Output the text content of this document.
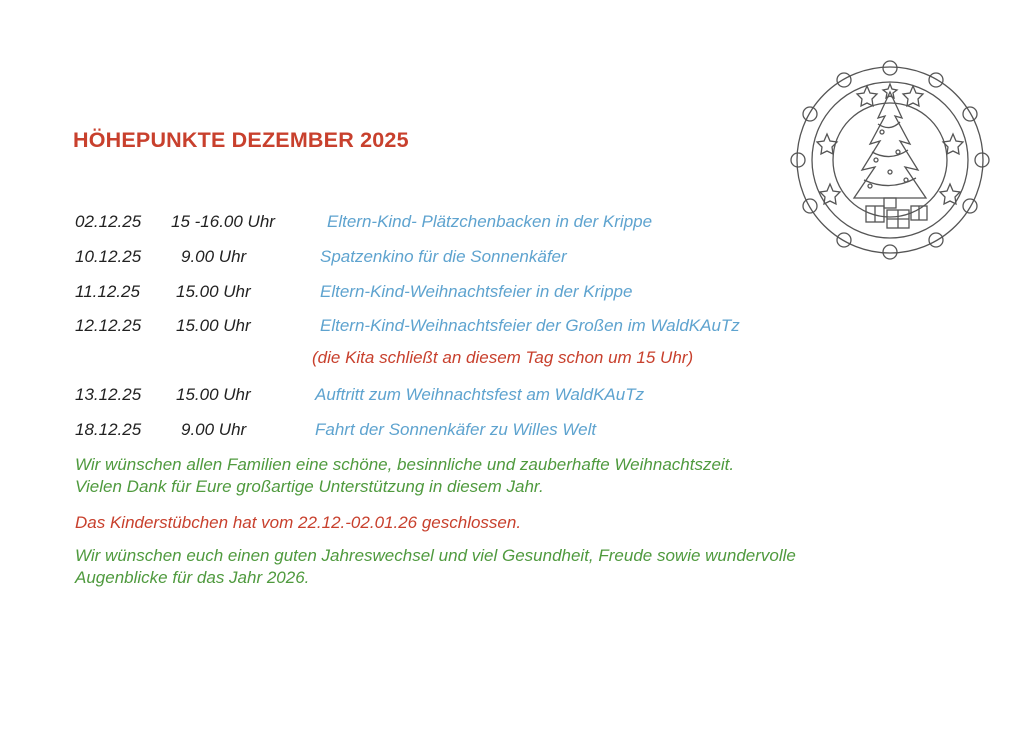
HÖHEPUNKTE DEZEMBER 2025
02.12.25 15 -16.00 Uhr	Eltern-Kind- Plätzchenbacken in der Krippe
10.12.25 9.00 Uhr	Spatzenkino für die Sonnenkäfer
11.12.25 15.00 Uhr	Eltern-Kind-Weihnachtsfeier in der Krippe
12.12.25 15.00 Uhr	Eltern-Kind-Weihnachtsfeier der Großen im WaldKAuTz
(die Kita schließt an diesem Tag schon um 15 Uhr)
13.12.25 15.00 Uhr	Auftritt zum Weihnachtsfest am WaldKAuTz
18.12.25 9.00 Uhr	Fahrt der Sonnenkäfer zu Willes Welt
Wir wünschen allen Familien eine schöne, besinnliche und zauberhafte Weihnachtszeit.
Vielen Dank für Eure großartige Unterstützung in diesem Jahr.
Das Kinderstübchen hat vom 22.12.-02.01.26 geschlossen.
Wir wünschen euch einen guten Jahreswechsel und viel Gesundheit, Freude sowie wundervolle
Augenblicke für das Jahr 2026.
